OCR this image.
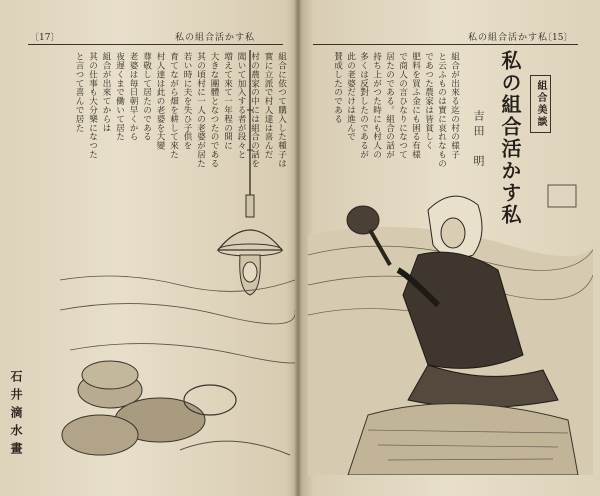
〔17〕	私の組合活かす私
組合に依つて購入した種子は
實に立派で村人達は喜んだ
村の農家の中には組合の話を
聞いて加入する者が段々と
増えて來て一年程の間に
大きな團體となつたのである
其の頃村に一人の老婆が居た
若い時に夫を失ひ子供を
育てながら畑を耕して來た
村人達は此の老婆を大變
尊敬して居たのである
老婆は毎日朝早くから
夜遅くまで働いて居た
組合が出來てからは
其の仕事も大分樂になつた
と言つて喜んで居た
石井滴水畫
私の組合活かす私
〔15〕
組合が出來る迄の村の様子
と云ふものは實に哀れなもの
であつた農家は皆貧しく
肥料を買ふ金にも困る有様
で商人の言ひなりになつて
居たのである。組合の話が
持ち上がつた時にも村人の
多くは反對したのであるが
此の老婆だけは進んで
賛成したのである	私の組合活かす私
吉田　明
組合美談
